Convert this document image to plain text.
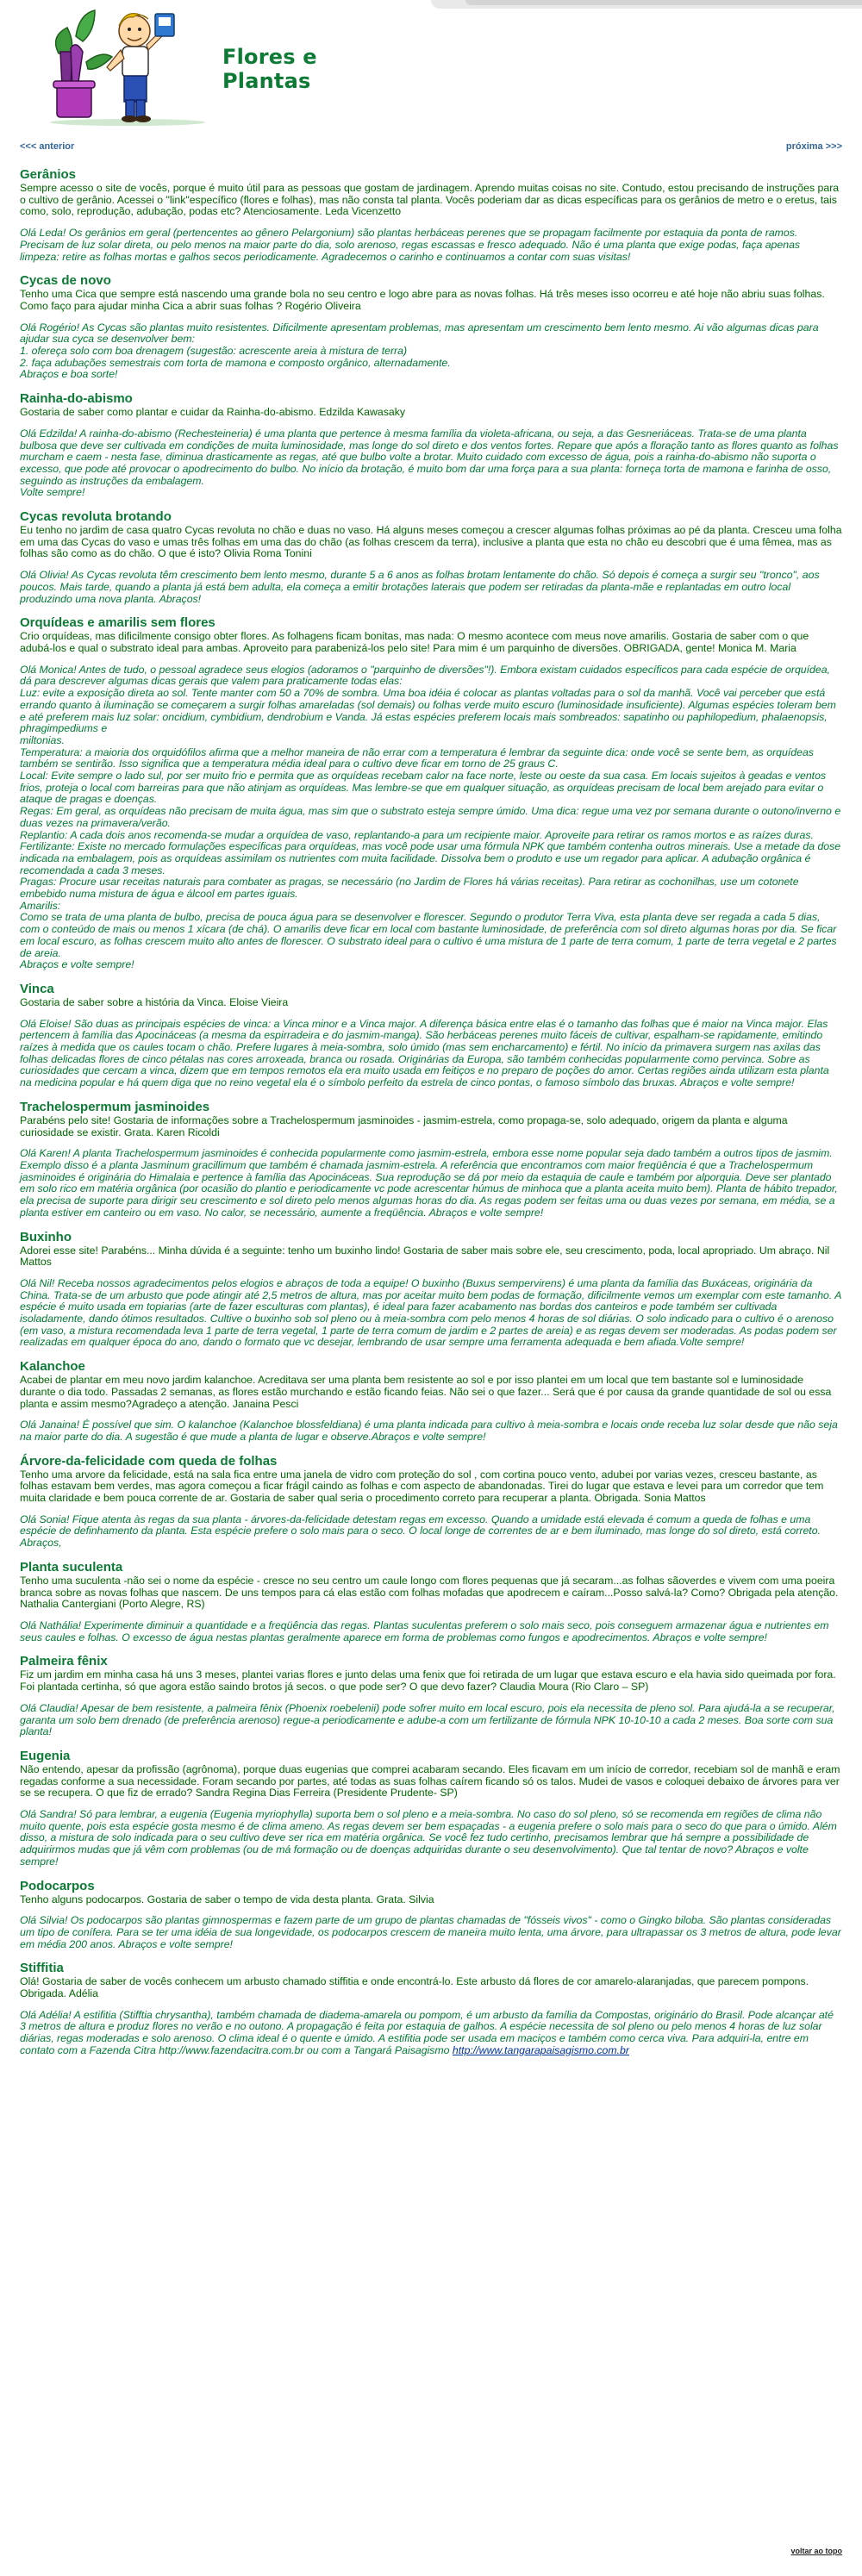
Flores e Plantas
<<< anterior	próxima >>>
Gerânios

Sempre acesso o site de vocês, porque é muito útil para as pessoas que gostam de jardinagem. Aprendo muitas coisas no site. Contudo, estou precisando de instruções para o cultivo de gerânio. Acessei o "link"específico (flores e folhas), mas não consta tal planta. Vocês poderiam dar as dicas específicas para os gerânios de metro e o eretus, tais como, solo, reprodução, adubação, podas etc? Atenciosamente. Leda Vicenzetto

Olá Leda! Os gerânios em geral (pertencentes ao gênero Pelargonium) são plantas herbáceas perenes que se propagam facilmente por estaquia da ponta de ramos. Precisam de luz solar direta, ou pelo menos na maior parte do dia, solo arenoso, regas escassas e fresco adequado. Não é uma planta que exige podas, faça apenas limpeza: retire as folhas mortas e galhos secos periodicamente. Agradecemos o carinho e continuamos a contar com suas visitas!

Cycas de novo

Tenho uma Cica que sempre está nascendo uma grande bola no seu centro e logo abre para as novas folhas. Há três meses isso ocorreu e até hoje não abriu suas folhas. Como faço para ajudar minha Cica a abrir suas folhas ? Rogério Oliveira

Olá Rogério! As Cycas são plantas muito resistentes. Dificilmente apresentam problemas, mas apresentam um crescimento bem lento mesmo. Ai vão algumas dicas para ajudar sua cyca se desenvolver bem:
1. ofereça solo com boa drenagem (sugestão: acrescente areia à mistura de terra)
2. faça adubações semestrais com torta de mamona e composto orgânico, alternadamente.
Abraços e boa sorte!

Rainha-do-abismo

Gostaria de saber como plantar e cuidar da Rainha-do-abismo. Edzilda Kawasaky

Olá Edzilda! A rainha-do-abismo (Rechesteineria) é uma planta que pertence à mesma família da violeta-africana, ou seja, a das Gesneriáceas. Trata-se de uma planta bulbosa que deve ser cultivada em condições de muita luminosidade, mas longe do sol direto e dos ventos fortes. Repare que após a floração tanto as flores quanto as folhas murcham e caem - nesta fase, diminua drasticamente as regas, até que bulbo volte a brotar. Muito cuidado com excesso de água, pois a rainha-do-abismo não suporta o excesso, que pode até provocar o apodrecimento do bulbo. No início da brotação, é muito bom dar uma força para a sua planta: forneça torta de mamona e farinha de osso, seguindo as instruções da embalagem.
Volte sempre!

Cycas revoluta brotando

Eu tenho no jardim de casa quatro Cycas revoluta no chão e duas no vaso. Há alguns meses começou a crescer algumas folhas próximas ao pé da planta. Cresceu uma folha em uma das Cycas do vaso e umas três folhas em uma das do chão (as folhas crescem da terra), inclusive a planta que esta no chão eu descobri que é uma fêmea, mas as folhas são como as do chão. O que é isto? Olivia Roma Tonini

Olá Olivia! As Cycas revoluta têm crescimento bem lento mesmo, durante 5 a 6 anos as folhas brotam lentamente do chão. Só depois é começa a surgir seu "tronco", aos poucos. Mais tarde, quando a planta já está bem adulta, ela começa a emitir brotações laterais que podem ser retiradas da planta-mãe e replantadas em outro local produzindo uma nova planta. Abraços!

Orquídeas e amarilis sem flores

Crio orquídeas, mas dificilmente consigo obter flores. As folhagens ficam bonitas, mas nada: O mesmo acontece com meus nove amarilis. Gostaria de saber com o que adubá-los e qual o substrato ideal para ambas. Aproveito para parabenizá-los pelo site! Para mim é um parquinho de diversões. OBRIGADA, gente! Monica M. Maria

Olá Monica! Antes de tudo, o pessoal agradece seus elogios (adoramos o "parquinho de diversões"!). Embora existam cuidados específicos para cada espécie de orquídea, dá para descrever algumas dicas gerais que valem para praticamente todas elas:
Luz: evite a exposição direta ao sol. Tente manter com 50 a 70% de sombra. Uma boa idéia é colocar as plantas voltadas para o sol da manhã. Você vai perceber que está errando quanto à iluminação se começarem a surgir folhas amareladas (sol demais) ou folhas verde muito escuro (luminosidade insuficiente). Algumas espécies toleram bem e até preferem mais luz solar: oncidium, cymbidium, dendrobium e Vanda. Já estas espécies preferem locais mais sombreados: sapatinho ou paphilopedium, phalaenopsis, phragimpediums e
miltonias.
Temperatura: a maioria dos orquidófilos afirma que a melhor maneira de não errar com a temperatura é lembrar da seguinte dica: onde você se sente bem, as orquídeas também se sentirão. Isso significa que a temperatura média ideal para o cultivo deve ficar em torno de 25 graus C.
Local: Evite sempre o lado sul, por ser muito frio e permita que as orquídeas recebam calor na face norte, leste ou oeste da sua casa. Em locais sujeitos à geadas e ventos frios, proteja o local com barreiras para que não atinjam as orquídeas. Mas lembre-se que em qualquer situação, as orquídeas precisam de local bem arejado para evitar o ataque de pragas e doenças.
Regas: Em geral, as orquídeas não precisam de muita água, mas sim que o substrato esteja sempre úmido. Uma dica: regue uma vez por semana durante o outono/inverno e duas vezes na primavera/verão.
Replantio: A cada dois anos recomenda-se mudar a orquídea de vaso, replantando-a para um recipiente maior. Aproveite para retirar os ramos mortos e as raízes duras.
Fertilizante: Existe no mercado formulações específicas para orquídeas, mas você pode usar uma fórmula NPK que também contenha outros minerais. Use a metade da dose indicada na embalagem, pois as orquídeas assimilam os nutrientes com muita facilidade. Dissolva bem o produto e use um regador para aplicar. A adubação orgânica é recomendada a cada 3 meses.
Pragas: Procure usar receitas naturais para combater as pragas, se necessário (no Jardim de Flores há várias receitas). Para retirar as cochonilhas, use um cotonete embebido numa mistura de água e álcool em partes iguais.
Amarilis:
Como se trata de uma planta de bulbo, precisa de pouca água para se desenvolver e florescer. Segundo o produtor Terra Viva, esta planta deve ser regada a cada 5 dias, com o conteúdo de mais ou menos 1 xícara (de chá). O amarilis deve ficar em local com bastante luminosidade, de preferência com sol direto algumas horas por dia. Se ficar em local escuro, as folhas crescem muito alto antes de florescer. O substrato ideal para o cultivo é uma mistura de 1 parte de terra comum, 1 parte de terra vegetal e 2 partes de areia.
Abraços e volte sempre!

Vinca

Gostaria de saber sobre a história da Vinca. Eloise Vieira

Olá Eloise! São duas as principais espécies de vinca: a Vinca minor e a Vinca major. A diferença básica entre elas é o tamanho das folhas que é maior na Vinca major. Elas pertencem à família das Apocináceas (a mesma da espirradeira e do jasmim-manga). São herbáceas perenes muito fáceis de cultivar, espalham-se rapidamente, emitindo raízes à medida que os caules tocam o chão. Prefere lugares à meia-sombra, solo úmido (mas sem encharcamento) e fértil. No início da primavera surgem nas axilas das folhas delicadas flores de cinco pétalas nas cores arroxeada, branca ou rosada. Originárias da Europa, são também conhecidas popularmente como pervinca. Sobre as curiosidades que cercam a vinca, dizem que em tempos remotos ela era muito usada em feitiços e no preparo de poções do amor. Certas regiões ainda utilizam esta planta na medicina popular e há quem diga que no reino vegetal ela é o símbolo perfeito da estrela de cinco pontas, o famoso símbolo das bruxas. Abraços e volte sempre!

Trachelospermum jasminoides

Parabéns pelo site! Gostaria de informações sobre a Trachelospermum jasminoides - jasmim-estrela, como propaga-se, solo adequado, origem da planta e alguma curiosidade se existir. Grata. Karen Ricoldi

Olá Karen! A planta Trachelospermum jasminoides é conhecida popularmente como jasmim-estrela, embora esse nome popular seja dado também a outros tipos de jasmim. Exemplo disso é a planta Jasminum gracillimum que também é chamada jasmim-estrela. A referência que encontramos com maior freqüência é que a Trachelospermum jasminoides é originária do Himalaia e pertence à família das Apocináceas. Sua reprodução se dá por meio da estaquia de caule e também por alporquia. Deve ser plantado em solo rico em matéria orgânica (por ocasião do plantio e periodicamente vc pode acrescentar húmus de minhoca que a planta aceita muito bem). Planta de hábito trepador, ela precisa de suporte para dirigir seu crescimento e sol direto pelo menos algumas horas do dia. As regas podem ser feitas uma ou duas vezes por semana, em média, se a planta estiver em canteiro ou em vaso. No calor, se necessário, aumente a freqüência. Abraços e volte sempre!

Buxinho

Adorei esse site! Parabéns... Minha dúvida é a seguinte: tenho um buxinho lindo! Gostaria de saber mais sobre ele, seu crescimento, poda, local apropriado. Um abraço. Nil Mattos

Olá Nil! Receba nossos agradecimentos pelos elogios e abraços de toda a equipe! O buxinho (Buxus sempervirens) é uma planta da família das Buxáceas, originária da China. Trata-se de um arbusto que pode atingir até 2,5 metros de altura, mas por aceitar muito bem podas de formação, dificilmente vemos um exemplar com este tamanho. A espécie é muito usada em topiarias (arte de fazer esculturas com plantas), é ideal para fazer acabamento nas bordas dos canteiros e pode também ser cultivada isoladamente, dando ótimos resultados. Cultive o buxinho sob sol pleno ou à meia-sombra com pelo menos 4 horas de sol diárias. O solo indicado para o cultivo é o arenoso (em vaso, a mistura recomendada leva 1 parte de terra vegetal, 1 parte de terra comum de jardim e 2 partes de areia) e as regas devem ser moderadas. As podas podem ser realizadas em qualquer época do ano, dando o formato que vc desejar, lembrando de usar sempre uma ferramenta adequada e bem afiada.Volte sempre!

Kalanchoe

Acabei de plantar em meu novo jardim kalanchoe. Acreditava ser uma planta bem resistente ao sol e por isso plantei em um local que tem bastante sol e luminosidade durante o dia todo. Passadas 2 semanas, as flores estão murchando e estão ficando feias. Não sei o que fazer... Será que é por causa da grande quantidade de sol ou essa planta e assim mesmo?Agradeço a atenção. Janaina Pesci

Olá Janaina! É possível que sim. O kalanchoe (Kalanchoe blossfeldiana) é uma planta indicada para cultivo à meia-sombra e locais onde receba luz solar desde que não seja na maior parte do dia. A sugestão é que mude a planta de lugar e observe.Abraços e volte sempre!

Árvore-da-felicidade com queda de folhas

Tenho uma arvore da felicidade, está na sala fica entre uma janela de vidro com proteção do sol , com cortina pouco vento, adubei por varias vezes, cresceu bastante, as folhas estavam bem verdes, mas agora começou a ficar frágil caindo as folhas e com aspecto de abandonadas. Tirei do lugar que estava e levei para um corredor que tem muita claridade e bem pouca corrente de ar. Gostaria de saber qual seria o procedimento correto para recuperar a planta. Obrigada. Sonia Mattos

Olá Sonia! Fique atenta às regas da sua planta - árvores-da-felicidade detestam regas em excesso. Quando a umidade está elevada é comum a queda de folhas e uma espécie de definhamento da planta. Esta espécie prefere o solo mais para o seco. O local longe de correntes de ar e bem iluminado, mas longe do sol direto, está correto. Abraços,

Planta suculenta

Tenho uma suculenta -não sei o nome da espécie - cresce no seu centro um caule longo com flores pequenas que já secaram...as folhas sãoverdes e vivem com uma poeira branca sobre as novas folhas que nascem. De uns tempos para cá elas estão com folhas mofadas que apodrecem e caíram...Posso salvá-la? Como? Obrigada pela atenção. Nathalia Cantergiani (Porto Alegre, RS)

Olá Nathália! Experimente diminuir a quantidade e a freqüência das regas. Plantas suculentas preferem o solo mais seco, pois conseguem armazenar água e nutrientes em seus caules e folhas. O excesso de água nestas plantas geralmente aparece em forma de problemas como fungos e apodrecimentos. Abraços e volte sempre!

Palmeira fênix

Fiz um jardim em minha casa há uns 3 meses, plantei varias flores e junto delas uma fenix que foi retirada de um lugar que estava escuro e ela havia sido queimada por fora. Foi plantada certinha, só que agora estão saindo brotos já secos. o que pode ser? O que devo fazer? Claudia Moura (Rio Claro – SP)

Olá Claudia! Apesar de bem resistente, a palmeira fênix (Phoenix roebelenii) pode sofrer muito em local escuro, pois ela necessita de pleno sol. Para ajudá-la a se recuperar, garanta um solo bem drenado (de preferência arenoso) regue-a periodicamente e adube-a com um fertilizante de fórmula NPK 10-10-10 a cada 2 meses. Boa sorte com sua planta!

Eugenia

Não entendo, apesar da profissão (agrônoma), porque duas eugenias que comprei acabaram secando. Eles ficavam em um início de corredor, recebiam sol de manhã e eram regadas conforme a sua necessidade. Foram secando por partes, até todas as suas folhas caírem ficando só os talos. Mudei de vasos e coloquei debaixo de árvores para ver se se recupera. O que fiz de errado? Sandra Regina Dias Ferreira (Presidente Prudente- SP)

Olá Sandra! Só para lembrar, a eugenia (Eugenia myriophylla) suporta bem o sol pleno e a meia-sombra. No caso do sol pleno, só se recomenda em regiões de clima não muito quente, pois esta espécie gosta mesmo é de clima ameno. As regas devem ser bem espaçadas - a eugenia prefere o solo mais para o seco do que para o úmido. Além disso, a mistura de solo indicada para o seu cultivo deve ser rica em matéria orgânica. Se você fez tudo certinho, precisamos lembrar que há sempre a possibilidade de adquirirmos mudas que já vêm com problemas (ou de má formação ou de doenças adquiridas durante o seu desenvolvimento). Que tal tentar de novo? Abraços e volte sempre!

Podocarpos

Tenho alguns podocarpos. Gostaria de saber o tempo de vida desta planta. Grata. Silvia

Olá Silvia! Os podocarpos são plantas gimnospermas e fazem parte de um grupo de plantas chamadas de "fósseis vivos" - como o Gingko biloba. São plantas consideradas um tipo de conífera. Para se ter uma idéia de sua longevidade, os podocarpos crescem de maneira muito lenta, uma árvore, para ultrapassar os 3 metros de altura, pode levar em média 200 anos. Abraços e volte sempre!

Stiffitia

Olá! Gostaria de saber de vocês conhecem um arbusto chamado stiffitia e onde encontrá-lo. Este arbusto dá flores de cor amarelo-alaranjadas, que parecem pompons. Obrigada. Adélia

Olá Adélia! A estifitia (Stifftia chrysantha), também chamada de diadema-amarela ou pompom, é um arbusto da família da Compostas, originário do Brasil. Pode alcançar até 3 metros de altura e produz flores no verão e no outono. A propagação é feita por estaquia de galhos. A espécie necessita de sol pleno ou pelo menos 4 horas de luz solar diárias, regas moderadas e solo arenoso. O clima ideal é o quente e úmido. A estifitia pode ser usada em maciços e também como cerca viva. Para adquiri-la, entre em contato com a Fazenda Citra http://www.fazendacitra.com.br ou com a Tangará Paisagismo http://www.tangarapaisagismo.com.br

voltar ao topo
